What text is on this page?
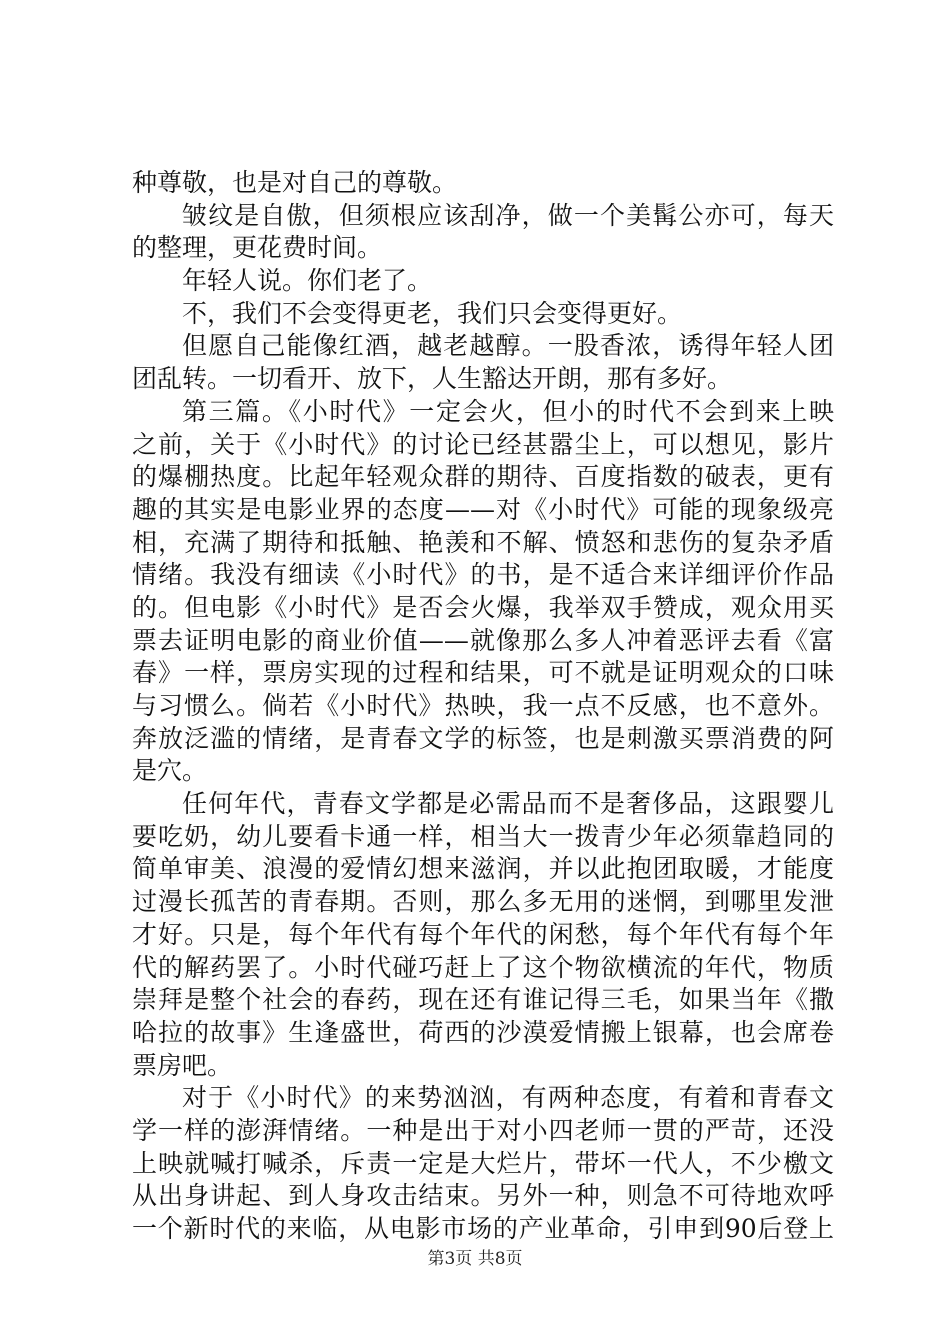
种尊敬，也是对自己的尊敬。
皱纹是自傲，但须根应该刮净，做一个美髯公亦可，每天
的整理，更花费时间。
年轻人说。你们老了。
不，我们不会变得更老，我们只会变得更好。
但愿自己能像红酒，越老越醇。一股香浓，诱得年轻人团
团乱转。一切看开、放下，人生豁达开朗，那有多好。
第三篇。《小时代》一定会火，但小的时代不会到来上映
之前，关于《小时代》的讨论已经甚嚣尘上，可以想见，影片
的爆棚热度。比起年轻观众群的期待、百度指数的破表，更有
趣的其实是电影业界的态度——对《小时代》可能的现象级亮
相，充满了期待和抵触、艳羡和不解、愤怒和悲伤的复杂矛盾
情绪。我没有细读《小时代》的书，是不适合来详细评价作品
的。但电影《小时代》是否会火爆，我举双手赞成，观众用买
票去证明电影的商业价值——就像那么多人冲着恶评去看《富
春》一样，票房实现的过程和结果，可不就是证明观众的口味
与习惯么。倘若《小时代》热映，我一点不反感，也不意外。
奔放泛滥的情绪，是青春文学的标签，也是刺激买票消费的阿
是穴。
任何年代，青春文学都是必需品而不是奢侈品，这跟婴儿
要吃奶，幼儿要看卡通一样，相当大一拨青少年必须靠趋同的
简单审美、浪漫的爱情幻想来滋润，并以此抱团取暖，才能度
过漫长孤苦的青春期。否则，那么多无用的迷惘，到哪里发泄
才好。只是，每个年代有每个年代的闲愁，每个年代有每个年
代的解药罢了。小时代碰巧赶上了这个物欲横流的年代，物质
崇拜是整个社会的春药，现在还有谁记得三毛，如果当年《撒
哈拉的故事》生逢盛世，荷西的沙漠爱情搬上银幕，也会席卷
票房吧。
对于《小时代》的来势汹汹，有两种态度，有着和青春文
学一样的澎湃情绪。一种是出于对小四老师一贯的严苛，还没
上映就喊打喊杀，斥责一定是大烂片，带坏一代人，不少檄文
从出身讲起、到人身攻击结束。另外一种，则急不可待地欢呼
一个新时代的来临，从电影市场的产业革命，引申到90后登上
第3页 共8页
